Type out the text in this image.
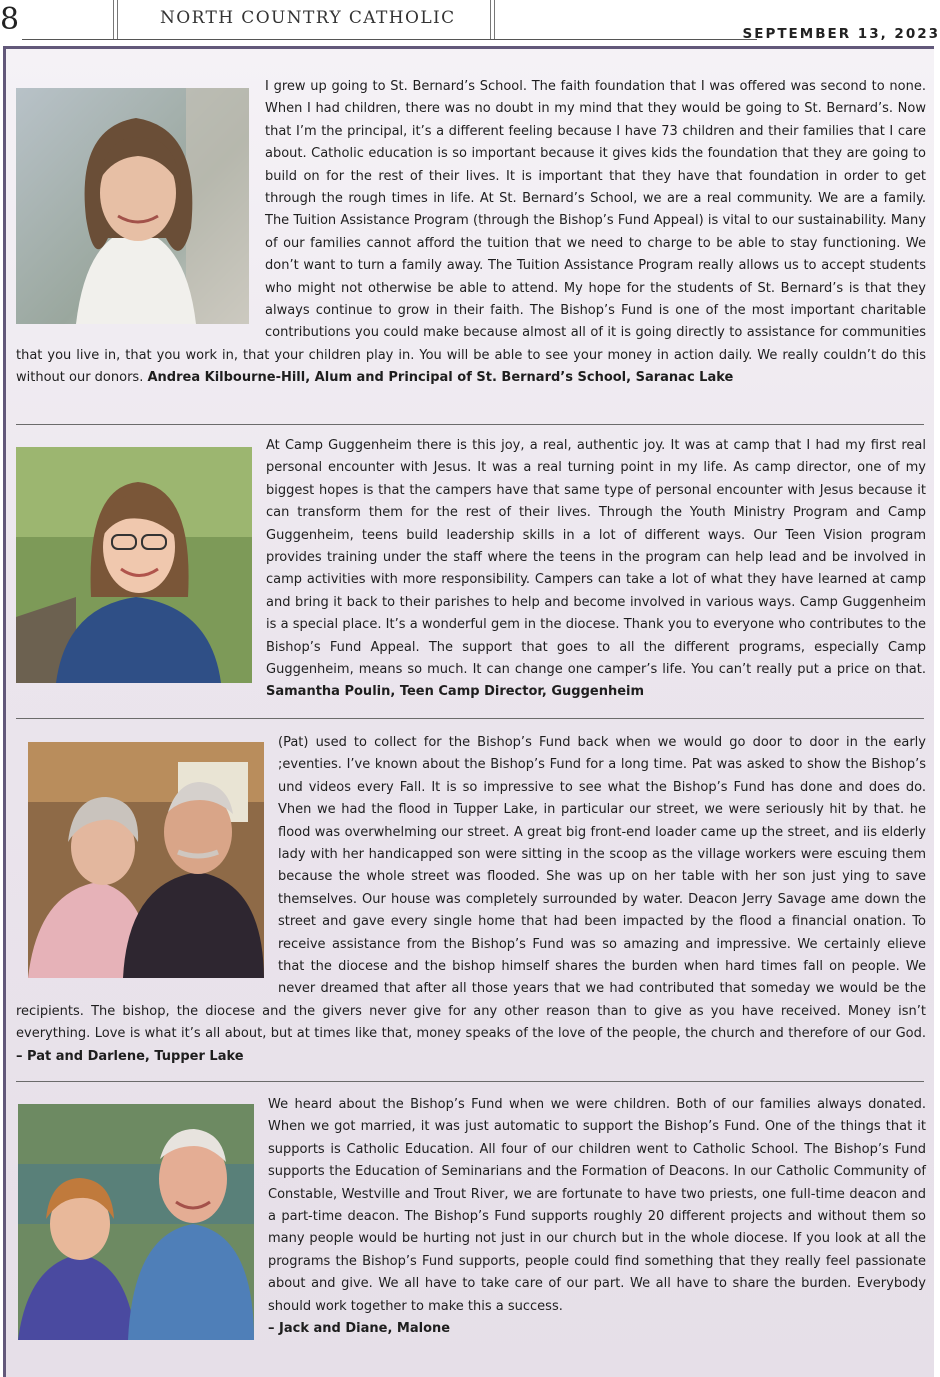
8	NORTH COUNTRY CATHOLIC
SEPTEMBER 13, 2023

I grew up going to St. Bernard’s School. The faith foundation that I was offered was second to none. When I had children, there was no doubt in my mind that they would be going to St. Bernard’s. Now that I’m the principal, it’s a different feeling because I have 73 children and their families that I care about. Catholic education is so important because it gives kids the foundation that they are going to build on for the rest of their lives. It is important that they have that foundation in order to get through the rough times in life. At St. Bernard’s School, we are a real community. We are a family. The Tuition Assistance Program (through the Bishop’s Fund Appeal) is vital to our sustainability. Many of our families cannot afford the tuition that we need to charge to be able to stay functioning. We don’t want to turn a family away. The Tuition Assistance Program really allows us to accept students who might not otherwise be able to attend. My hope for the students of St. Bernard’s is that they always continue to grow in their faith. The Bishop’s Fund is one of the most important charitable contributions you could make because almost all of it is going directly to assistance for communities that you live in, that you work in, that your children play in. You will be able to see your money in action daily. We really couldn’t do this without our donors. Andrea Kilbourne-Hill, Alum and Principal of St. Bernard’s School, Saranac Lake

At Camp Guggenheim there is this joy, a real, authentic joy. It was at camp that I had my first real personal encounter with Jesus. It was a real turning point in my life. As camp director, one of my biggest hopes is that the campers have that same type of personal encounter with Jesus because it can transform them for the rest of their lives. Through the Youth Ministry Program and Camp Guggenheim, teens build leadership skills in a lot of different ways. Our Teen Vision program provides training under the staff where the teens in the program can help lead and be involved in camp activities with more responsibility. Campers can take a lot of what they have learned at camp and bring it back to their parishes to help and become involved in various ways. Camp Guggenheim is a special place. It’s a wonderful gem in the diocese. Thank you to everyone who contributes to the Bishop’s Fund Appeal. The support that goes to all the different programs, especially Camp Guggenheim, means so much. It can change one camper’s life. You can’t really put a price on that. Samantha Poulin, Teen Camp Director, Guggenheim

(Pat) used to collect for the Bishop’s Fund back when we would go door to door in the early ;eventies. I’ve known about the Bishop’s Fund for a long time. Pat was asked to show the Bishop’s und videos every Fall. It is so impressive to see what the Bishop’s Fund has done and does do. Vhen we had the flood in Tupper Lake, in particular our street, we were seriously hit by that. he flood was overwhelming our street. A great big front-end loader came up the street, and iis elderly lady with her handicapped son were sitting in the scoop as the village workers were escuing them because the whole street was flooded. She was up on her table with her son just ying to save themselves. Our house was completely surrounded by water. Deacon Jerry Savage ame down the street and gave every single home that had been impacted by the flood a financial onation. To receive assistance from the Bishop’s Fund was so amazing and impressive. We certainly elieve that the diocese and the bishop himself shares the burden when hard times fall on people. We never dreamed that after all those years that we had contributed that someday we would be the recipients. The bishop, the diocese and the givers never give for any other reason than to give as you have received. Money isn’t everything. Love is what it’s all about, but at times like that, money speaks of the love of the people, the church and therefore of our God. – Pat and Darlene, Tupper Lake

We heard about the Bishop’s Fund when we were children. Both of our families always donated. When we got married, it was just automatic to support the Bishop’s Fund. One of the things that it supports is Catholic Education. All four of our children went to Catholic School. The Bishop’s Fund supports the Education of Seminarians and the Formation of Deacons. In our Catholic Community of Constable, Westville and Trout River, we are fortunate to have two priests, one full-time deacon and a part-time deacon. The Bishop’s Fund supports roughly 20 different projects and without them so many people would be hurting not just in our church but in the whole diocese. If you look at all the programs the Bishop’s Fund supports, people could find something that they really feel passionate about and give. We all have to take care of our part. We all have to share the burden. Everybody should work together to make this a success.
– Jack and Diane, Malone
